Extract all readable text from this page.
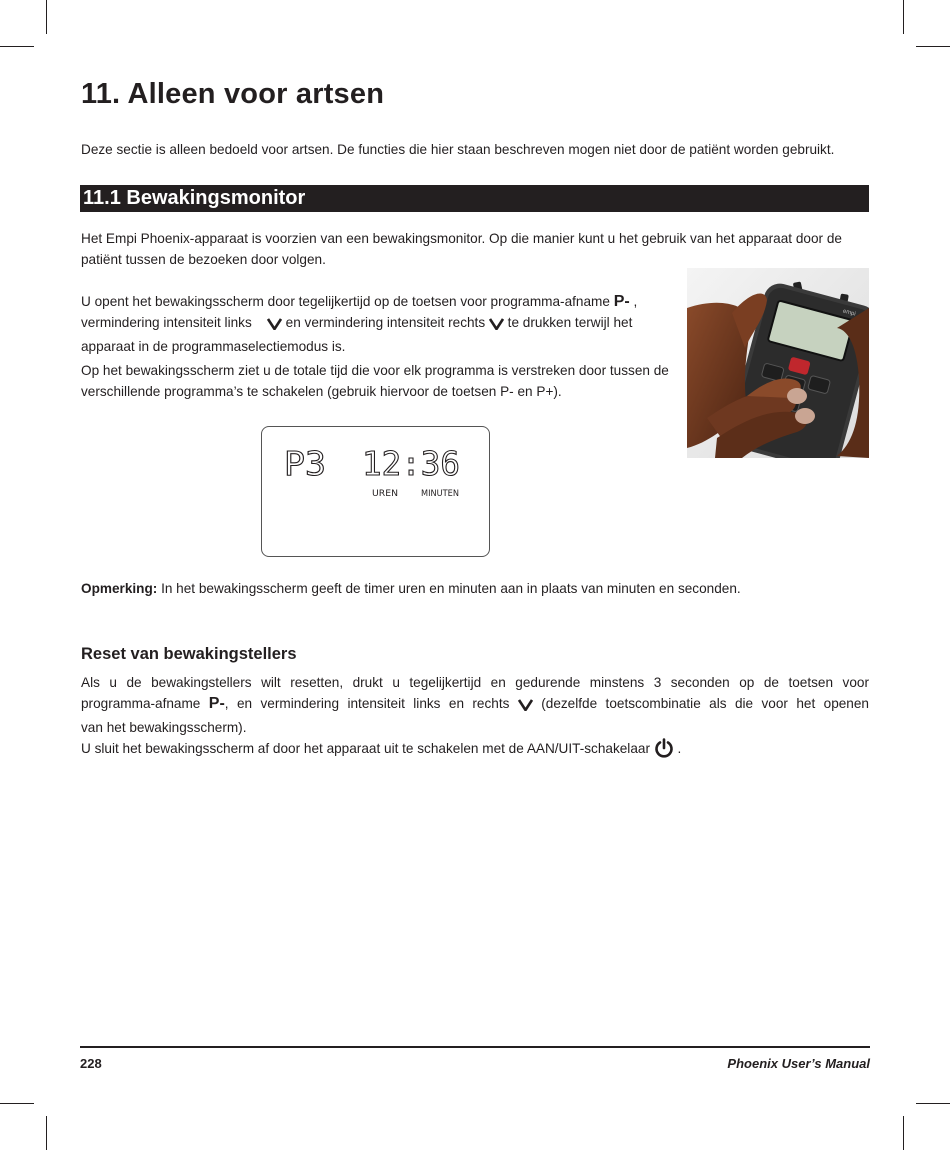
11. Alleen voor artsen

Deze sectie is alleen bedoeld voor artsen. De functies die hier staan beschreven mogen niet door de patiënt worden gebruikt.

11.1 Bewakingsmonitor

Het Empi Phoenix-apparaat is voorzien van een bewakingsmonitor. Op die manier kunt u het gebruik van het apparaat door de patiënt tussen de bezoeken door volgen.

U opent het bewakingsscherm door tegelijkertijd op de toetsen voor programma-afname P- ,
vermindering intensiteit links     en vermindering intensiteit rechts  te drukken terwijl het
apparaat in de programmaselectiemodus is.

Op het bewakingsscherm ziet u de totale tijd die voor elk programma is verstreken door tussen de verschillende programma’s te schakelen (gebruik hiervoor de toetsen P- en P+).

empi
P3 12:36
UREN	MINUTEN

Opmerking: In het bewakingsscherm geeft de timer uren en minuten aan in plaats van minuten en seconden.

Reset van bewakingstellers
Als u de bewakingstellers wilt resetten, drukt u tegelijkertijd en gedurende minstens 3 seconden op de toetsen voor
programma-afname P-, en vermindering intensiteit links en rechts  (dezelfde toetscombinatie als die voor het openen
van het bewakingsscherm).
U sluit het bewakingsscherm af door het apparaat uit te schakelen met de AAN/UIT-schakelaar  .
228	Phoenix User’s Manual
